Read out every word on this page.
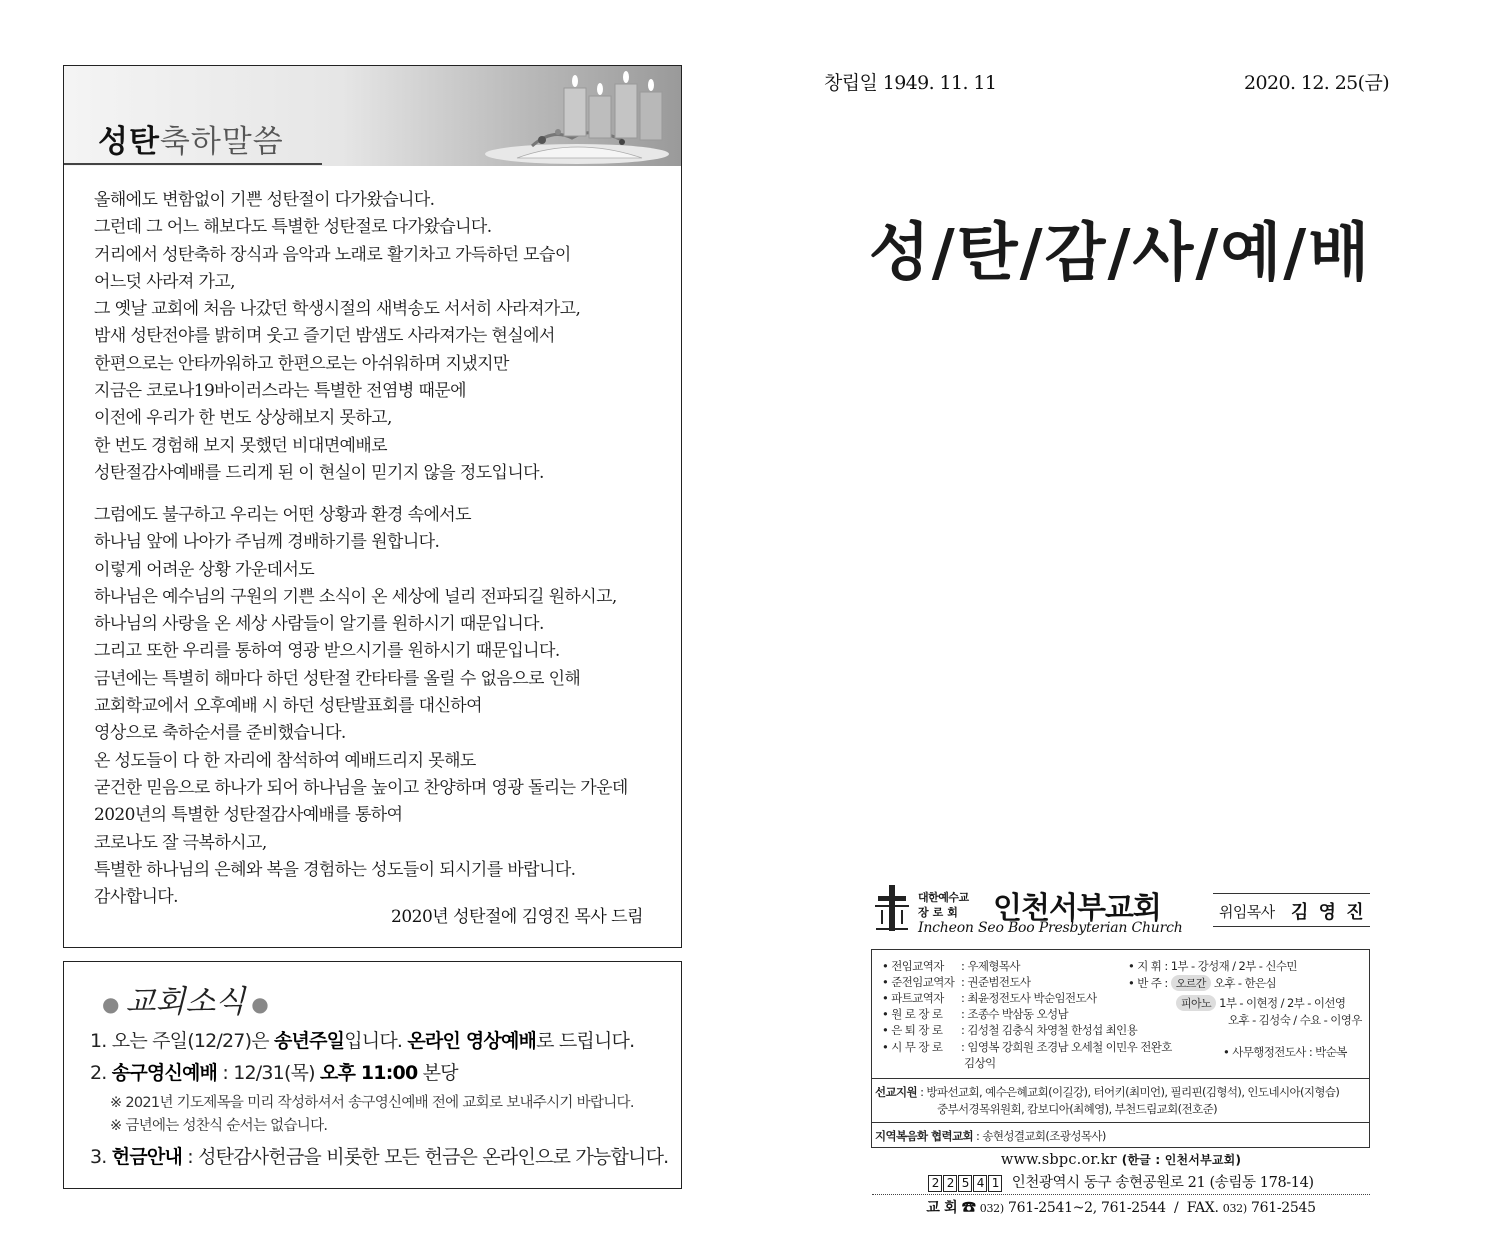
성탄축하말씀
올해에도 변함없이 기쁜 성탄절이 다가왔습니다.
그런데 그 어느 해보다도 특별한 성탄절로 다가왔습니다.
거리에서 성탄축하 장식과 음악과 노래로 활기차고 가득하던 모습이
어느덧 사라져 가고,
그 옛날 교회에 처음 나갔던 학생시절의 새벽송도 서서히 사라져가고,
밤새 성탄전야를 밝히며 웃고 즐기던 밤샘도 사라져가는 현실에서
한편으로는 안타까워하고 한편으로는 아쉬워하며 지냈지만
지금은 코로나19바이러스라는 특별한 전염병 때문에
이전에 우리가 한 번도 상상해보지 못하고,
한 번도 경험해 보지 못했던 비대면예배로
성탄절감사예배를 드리게 된 이 현실이 믿기지 않을 정도입니다.
그럼에도 불구하고 우리는 어떤 상황과 환경 속에서도
하나님 앞에 나아가 주님께 경배하기를 원합니다.
이렇게 어려운 상황 가운데서도
하나님은 예수님의 구원의 기쁜 소식이 온 세상에 널리 전파되길 원하시고,
하나님의 사랑을 온 세상 사람들이 알기를 원하시기 때문입니다.
그리고 또한 우리를 통하여 영광 받으시기를 원하시기 때문입니다.
금년에는 특별히 해마다 하던 성탄절 칸타타를 올릴 수 없음으로 인해
교회학교에서 오후예배 시 하던 성탄발표회를 대신하여
영상으로 축하순서를 준비했습니다.
온 성도들이 다 한 자리에 참석하여 예배드리지 못해도
굳건한 믿음으로 하나가 되어 하나님을 높이고 찬양하며 영광 돌리는 가운데
2020년의 특별한 성탄절감사예배를 통하여
코로나도 잘 극복하시고,
특별한 하나님의 은혜와 복을 경험하는 성도들이 되시기를 바랍니다.
감사합니다.
2020년 성탄절에 김영진 목사 드림
● 교회소식 ●
1. 오는 주일(12/27)은 송년주일입니다. 온라인 영상예배로 드립니다.
2. 송구영신예배 : 12/31(목) 오후 11:00 본당
※ 2021년 기도제목을 미리 작성하셔서 송구영신예배 전에 교회로 보내주시기 바랍니다.
※ 금년에는 성찬식 순서는 없습니다.
3. 헌금안내 : 성탄감사헌금을 비롯한 모든 헌금은 온라인으로 가능합니다.
창립일 1949. 11. 11	2020. 12. 25(금)
성/탄/감/사/예/배
대한예수교
장로회 인천서부교회
Incheon Seo Boo Presbyterian Church
위임목사 김 영 진
• 전임교역자 : 우제형목사
• 준전임교역자 : 권준범전도사
• 파트교역자 : 최윤정전도사 박순임전도사
• 원 로 장 로 : 조종수 박삼동 오성남
• 은 퇴 장 로 : 김성철 김충식 차영철 한성섭 최인용
• 시 무 장 로 : 임영복 강희원 조경남 오세철 이민우 전완호
김상익
• 지 휘 : 1부 - 강성재 / 2부 - 신수민
• 반 주 : 오르간 오후 - 한은심
피아노 1부 - 이현정 / 2부 - 이선영
오후 - 김성숙 / 수요 - 이영우
• 사무행정전도사 : 박순복
선교지원 : 방파선교회, 예수은혜교회(이길강), 터어키(최미언), 필리핀(김형석), 인도네시아(지형습)
중부서경목위원회, 캄보디아(최혜영), 부천드림교회(전호준)
지역복음화 협력교회 : 송현성결교회(조광성목사)
www.sbpc.or.kr (한글 : 인천서부교회)
2 2 5 4 1 인천광역시 동구 송현공원로 21 (송림동 178-14)
교 회 ☎ 032) 761-2541~2, 761-2544 / FAX. 032) 761-2545
